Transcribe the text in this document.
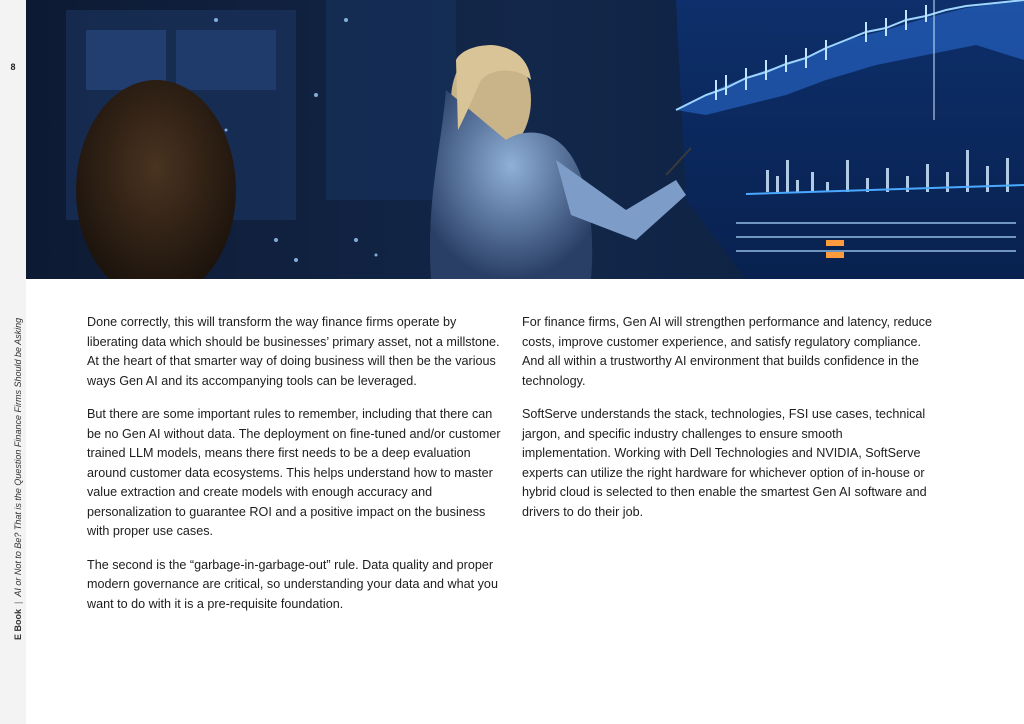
8
E Book|AI or Not to Be? That is the Question Finance Firms Should be Asking	Done correctly, this will transform the way finance firms operate by liberating data which should be businesses’ primary asset, not a millstone. At the heart of that smarter way of doing business will then be the various ways Gen AI and its accompanying tools can be leveraged.

But there are some important rules to remember, including that there can be no Gen AI without data. The deployment on fine-tuned and/or customer trained LLM models, means there first needs to be a deep evaluation around customer data ecosystems. This helps understand how to master value extraction and create models with enough accuracy and personalization to guarantee ROI and a positive impact on the business with proper use cases.

The second is the “garbage-in-garbage-out” rule. Data quality and proper modern governance are critical, so understanding your data and what you want to do with it is a pre-requisite foundation.

For finance firms, Gen AI will strengthen performance and latency, reduce costs, improve customer experience, and satisfy regulatory compliance. And all within a trustworthy AI environment that builds confidence in the technology.

SoftServe understands the stack, technologies, FSI use cases, technical jargon, and specific industry challenges to ensure smooth implementation. Working with Dell Technologies and NVIDIA, SoftServe experts can utilize the right hardware for whichever option of in-house or hybrid cloud is selected to then enable the smartest Gen AI software and drivers to do their job.
